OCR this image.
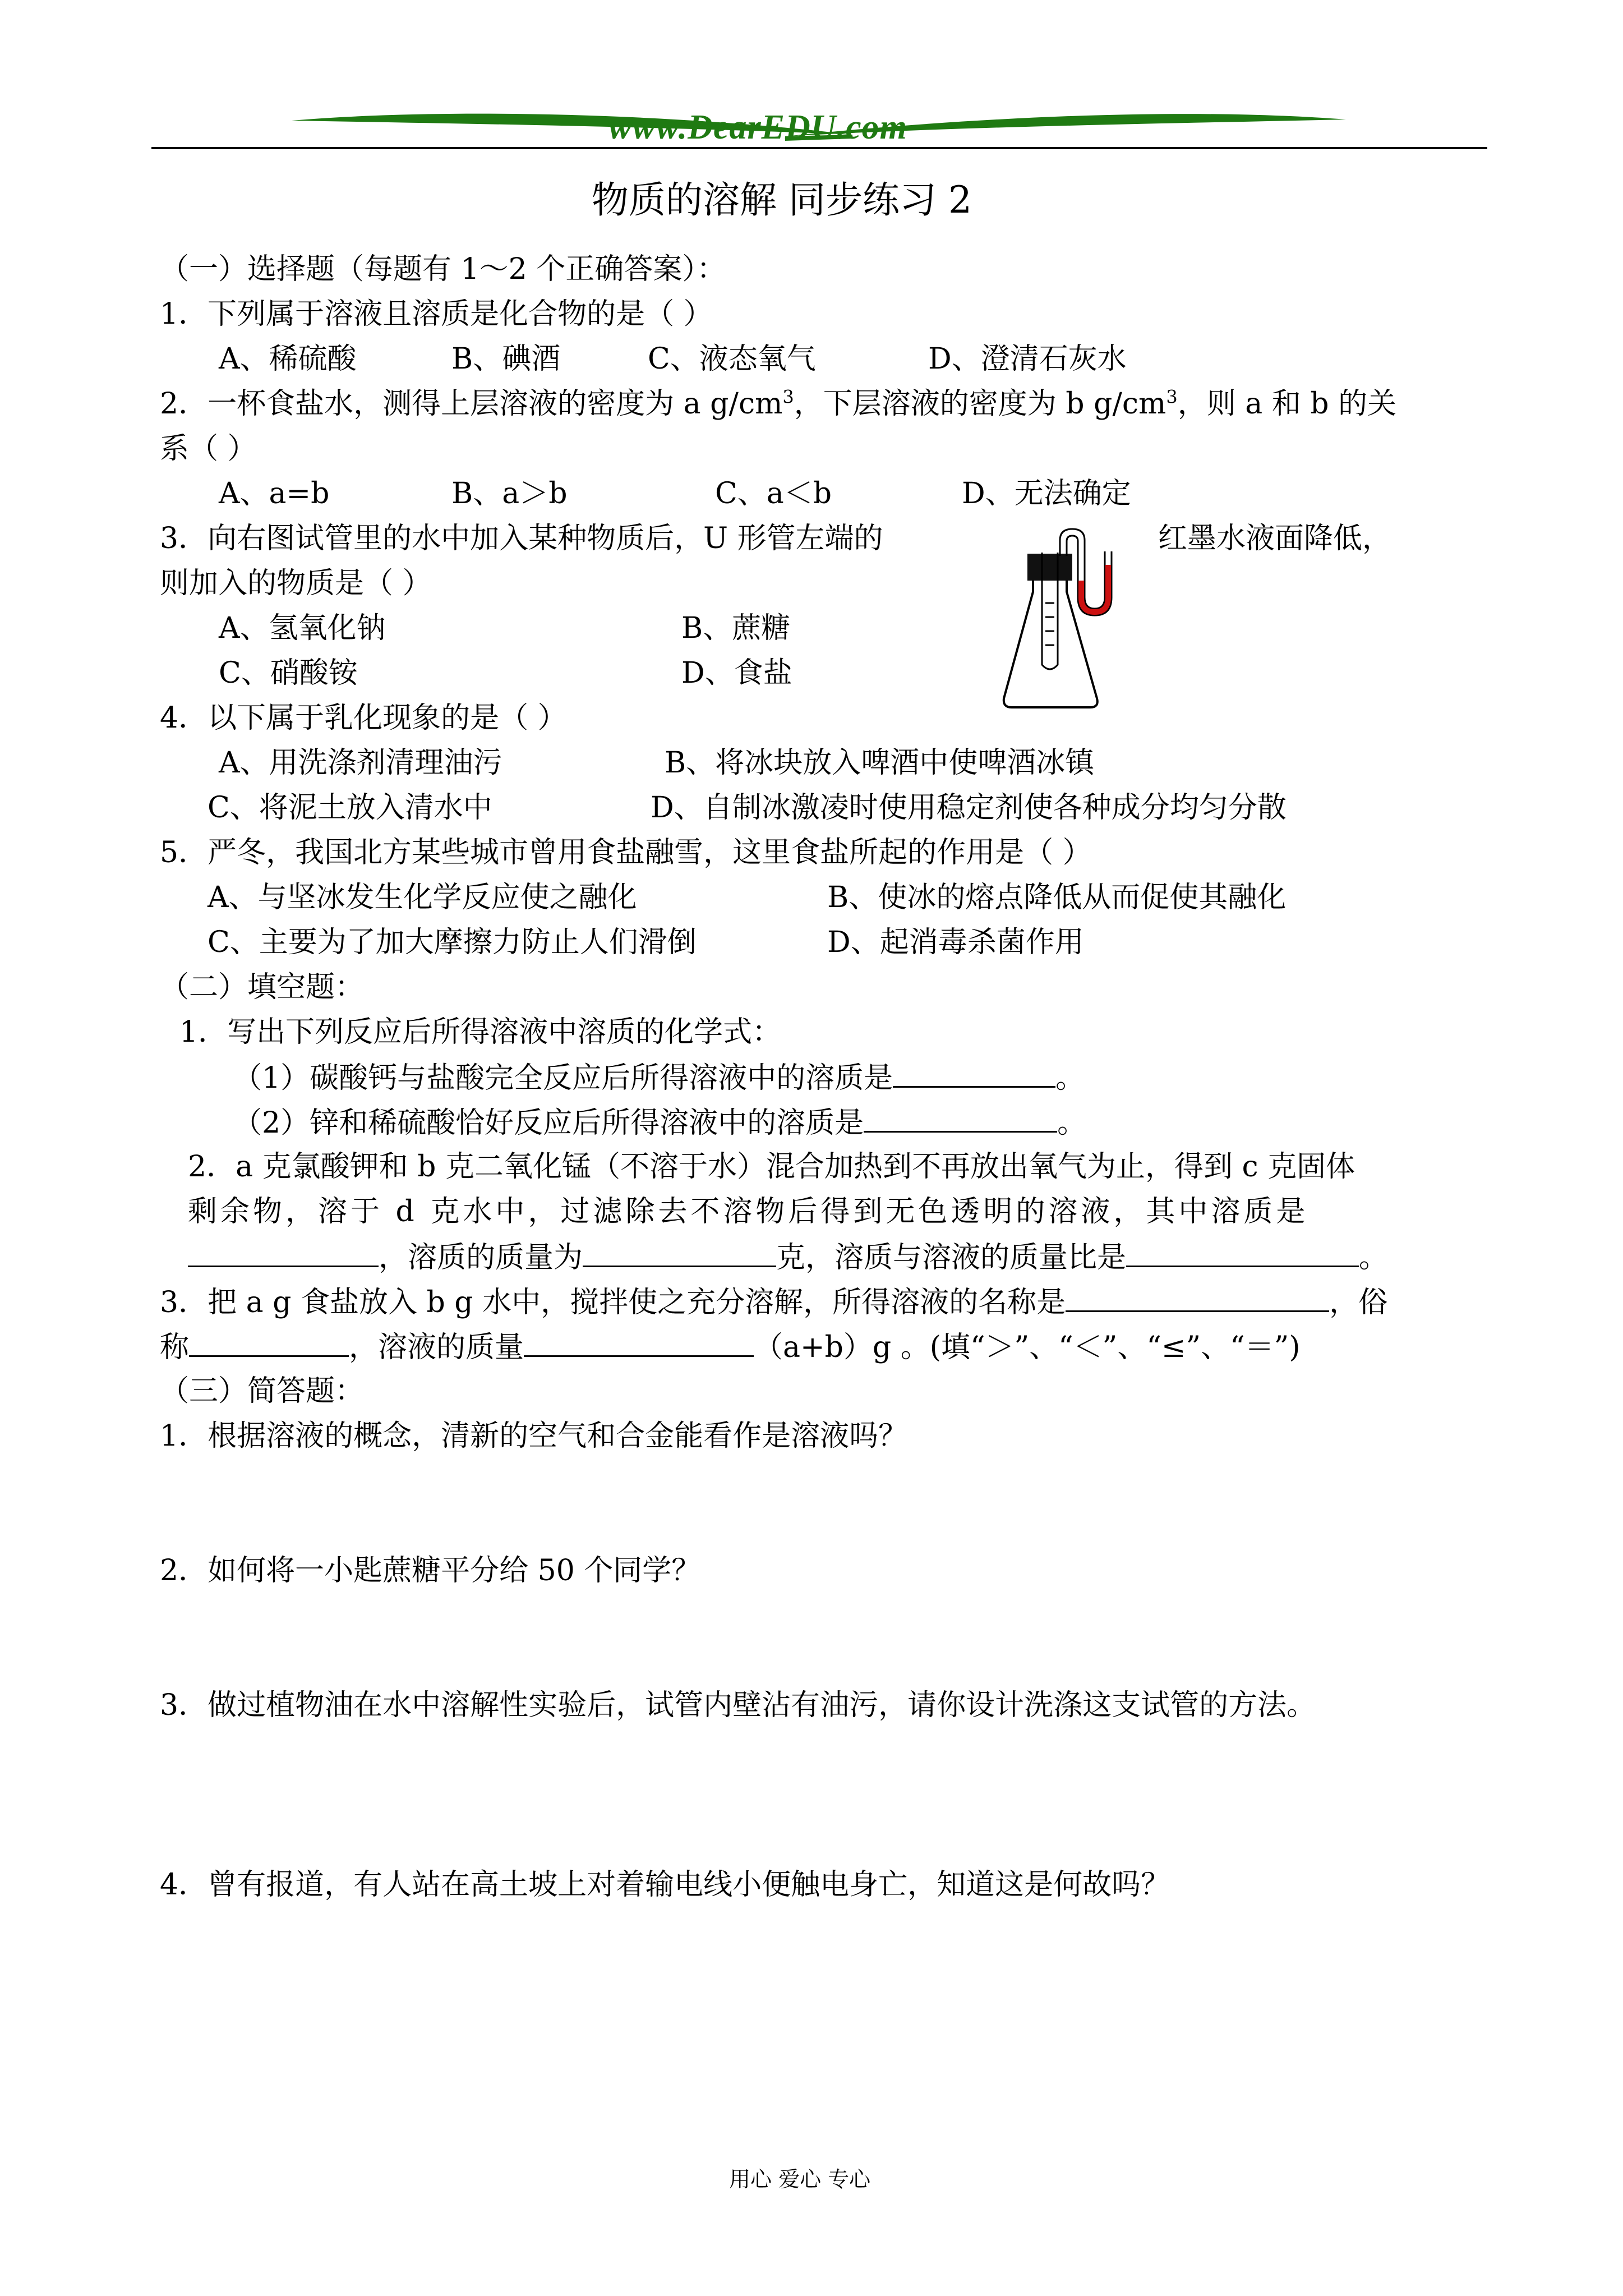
www.DearEDU.com
物质的溶解 同步练习 2
（一）选择题（每题有 1～2 个正确答案）：
1．下列属于溶液且溶质是化合物的是（ ）
A、稀硫酸	B、碘酒	C、液态氧气	D、澄清石灰水
2．一杯食盐水，测得上层溶液的密度为 a $g/cm^3$，下层溶液的密度为 b $g/cm^3$，则 a 和 b 的关
系（ ）
A、a=b	B、a＞b	C、a＜b	D、无法确定
3．向右图试管里的水中加入某种物质后，U 形管左端的	红墨水液面降低，
则加入的物质是（ ）
A、氢氧化钠	B、蔗糖
C、硝酸铵	D、食盐
4．以下属于乳化现象的是（ ）
A、用洗涤剂清理油污	B、将冰块放入啤酒中使啤酒冰镇
C、将泥土放入清水中	D、自制冰激凌时使用稳定剂使各种成分均匀分散
5．严冬，我国北方某些城市曾用食盐融雪，这里食盐所起的作用是（ ）
A、与坚冰发生化学反应使之融化	B、使冰的熔点降低从而促使其融化
C、主要为了加大摩擦力防止人们滑倒	D、起消毒杀菌作用
（二）填空题：
1．写出下列反应后所得溶液中溶质的化学式：
（1）碳酸钙与盐酸完全反应后所得溶液中的溶质是	。
（2）锌和稀硫酸恰好反应后所得溶液中的溶质是	。
2．a 克氯酸钾和 b 克二氧化锰（不溶于水）混合加热到不再放出氧气为止，得到 c 克固体
剩余物，溶于 d 克水中，过滤除去不溶物后得到无色透明的溶液，其中溶质是
，溶质的质量为	克，溶质与溶液的质量比是	。
3．把 a g 食盐放入 b g 水中，搅拌使之充分溶解，所得溶液的名称是	，俗
称	，溶液的质量	（a+b）g 。(填“＞”、“＜”、“≤”、“＝”)
（三）简答题：
1．根据溶液的概念，清新的空气和合金能看作是溶液吗？
2．如何将一小匙蔗糖平分给 50 个同学？
3．做过植物油在水中溶解性实验后，试管内壁沾有油污，请你设计洗涤这支试管的方法。
4．曾有报道，有人站在高土坡上对着输电线小便触电身亡，知道这是何故吗？
用心 爱心 专心
